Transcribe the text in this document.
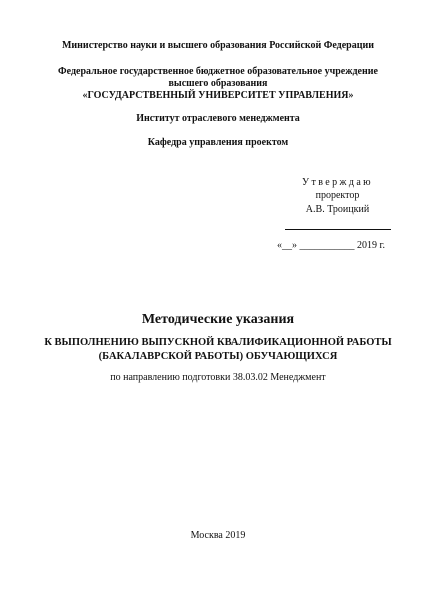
Министерство науки и высшего образования Российской Федерации
Федеральное государственное бюджетное образовательное учреждение
высшего образования
«ГОСУДАРСТВЕННЫЙ УНИВЕРСИТЕТ УПРАВЛЕНИЯ»
Институт отраслевого менеджмента
Кафедра управления проектом
Утверждаю
проректор
А.В. Троицкий
«__» ___________ 2019 г.
Методические указания
К ВЫПОЛНЕНИЮ ВЫПУСКНОЙ КВАЛИФИКАЦИОННОЙ РАБОТЫ
(БАКАЛАВРСКОЙ РАБОТЫ) ОБУЧАЮЩИХСЯ
по направлению подготовки 38.03.02 Менеджмент
Москва 2019
